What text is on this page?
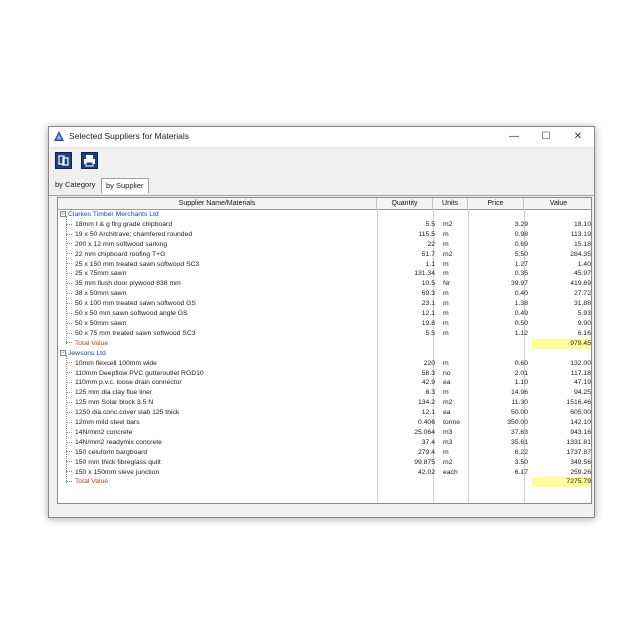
Selected Suppliers for Materials	—	☐	✕
by Category	by Supplier
Supplier Name/Materials	Quantity	Units	Price	Value
− Clarkes Timber Merchants Ltd
18mm t & g flrg grade chipboard	5.5 m2	3.29	18.10
19 x 50 Architrave; chamfered rounded	115.5 m	0.98	113.19
200 x 12 mm softwood sarking	22 m	0.69	15.18
22 mm chipboard roofing T+G	51.7 m2	5.50	284.35
25 x 150 mm treated sawn softwood SC3	1.1 m	1.27	1.40
25 x 75mm sawn	131.34 m	0.35	45.97
35 mm flush door plywood 838 mm	10.5 Nr	39.97	419.69
38 x 50mm sawn	69.3 m	0.40	27.72
50 x 100 mm treated sawn softwood GS	23.1 m	1.38	31.88
50 x 50 mm sawn softwood angle GS	12.1 m	0.49	5.93
50 x 50mm sawn	19.8 m	0.50	9.90
50 x 75 mm treated sawn softwood SC3	5.5 m	1.12	6.16
Total Value	979.45
− Jewsons Ltd
10mm flexcell 100mm wide	220 m	0.60	132.00
110mm Deepflow PVC gutteroutlet RGD10	58.3 no	2.01	117.18
110mm p.v.c. loose drain connector	42.9 ea	1.10	47.19
125 mm dia clay flue liner	6.3 m	14.96	94.25
125 mm Solar block 3.5 N	134.2 m2	11.30	1516.46
1250 dia.conc.cover slab 125 thick	12.1 ea	50.00	605.00
12mm mild steel bars	0.406 tonne	350.00	142.10
14N/mm2 concrete	25.064 m3	37.63	943.16
14N/mm2 readymix concrete	37.4 m3	35.61	1331.81
150 celuform bargboard	279.4 m	6.22	1737.87
150 mm thick fibreglass quilt	99.875 m2	3.50	349.56
150 x 150mm sleve junction	42.02 each	6.17	259.26
Total Value	7275.79
